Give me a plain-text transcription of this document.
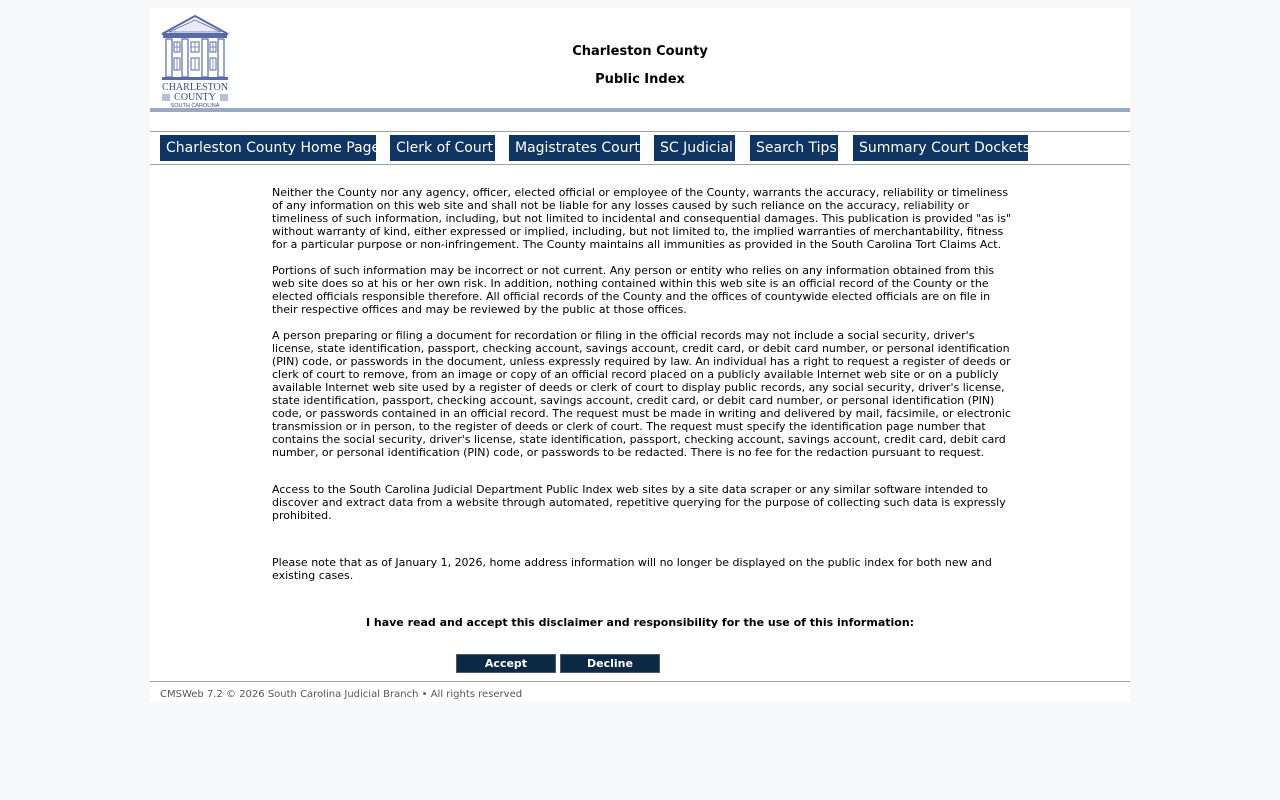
CHARLESTON
COUNTY
SOUTH CAROLINA
Charleston County
Public Index
Charleston County Home Page	Clerk of Court	Magistrates Court	SC Judicial	Search Tips	Summary Court Dockets

Neither the County nor any agency, officer, elected official or employee of the County, warrants the accuracy, reliability or timeliness of any information on this web site and shall not be liable for any losses caused by such reliance on the accuracy, reliability or timeliness of such information, including, but not limited to incidental and consequential damages. This publication is provided "as is" without warranty of kind, either expressed or implied, including, but not limited to, the implied warranties of merchantability, fitness for a particular purpose or non-infringement. The County maintains all immunities as provided in the South Carolina Tort Claims Act.

Portions of such information may be incorrect or not current. Any person or entity who relies on any information obtained from this web site does so at his or her own risk. In addition, nothing contained within this web site is an official record of the County or the elected officials responsible therefore. All official records of the County and the offices of countywide elected officials are on file in their respective offices and may be reviewed by the public at those offices.

A person preparing or filing a document for recordation or filing in the official records may not include a social security, driver's license, state identification, passport, checking account, savings account, credit card, or debit card number, or personal identification (PIN) code, or passwords in the document, unless expressly required by law. An individual has a right to request a register of deeds or clerk of court to remove, from an image or copy of an official record placed on a publicly available Internet web site or on a publicly available Internet web site used by a register of deeds or clerk of court to display public records, any social security, driver's license, state identification, passport, checking account, savings account, credit card, or debit card number, or personal identification (PIN) code, or passwords contained in an official record. The request must be made in writing and delivered by mail, facsimile, or electronic transmission or in person, to the register of deeds or clerk of court. The request must specify the identification page number that contains the social security, driver's license, state identification, passport, checking account, savings account, credit card, debit card number, or personal identification (PIN) code, or passwords to be redacted. There is no fee for the redaction pursuant to request.

Access to the South Carolina Judicial Department Public Index web sites by a site data scraper or any similar software intended to discover and extract data from a website through automated, repetitive querying for the purpose of collecting such data is expressly prohibited.

Please note that as of January 1, 2026, home address information will no longer be displayed on the public index for both new and existing cases.

I have read and accept this disclaimer and responsibility for the use of this information:
Accept	Decline
CMSWeb 7.2 © 2026 South Carolina Judicial Branch • All rights reserved
